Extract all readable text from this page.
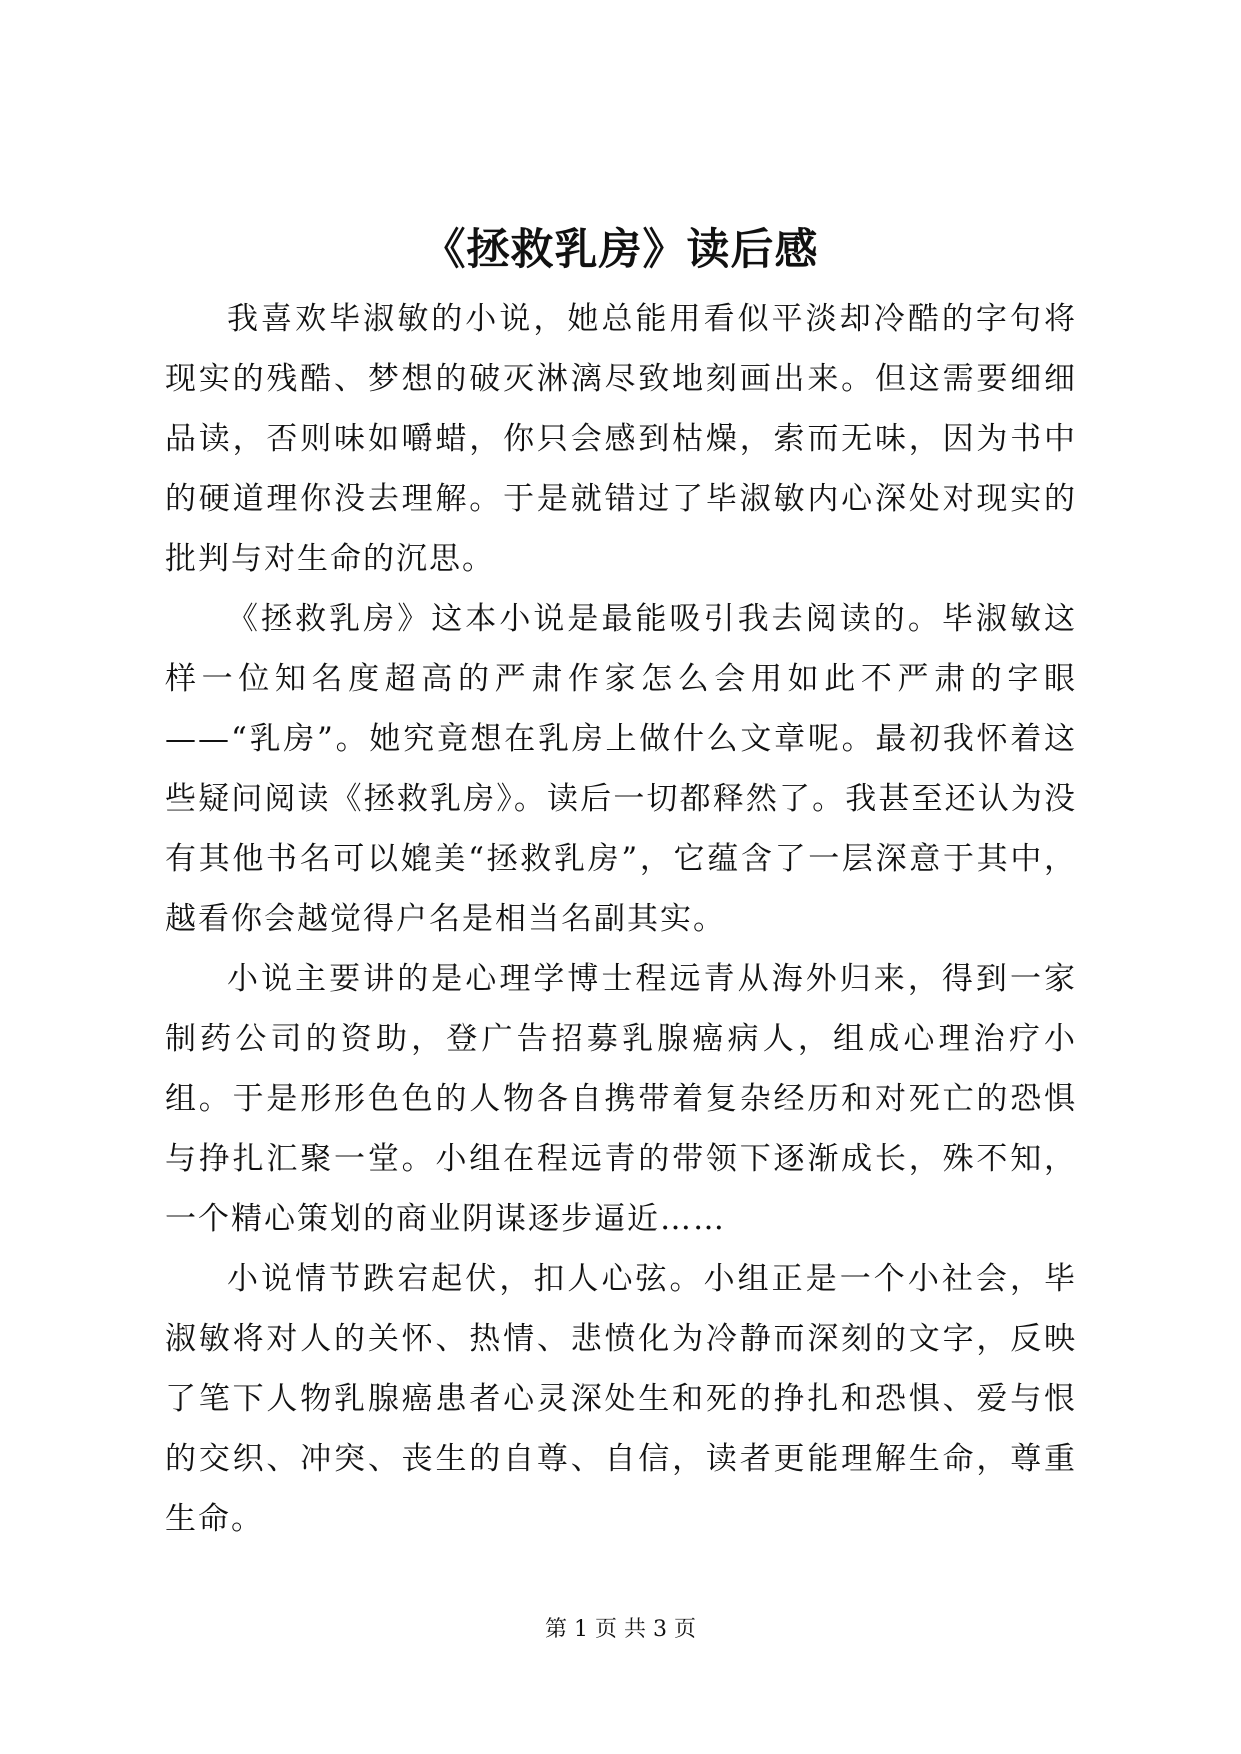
《拯救乳房》读后感

我喜欢毕淑敏的小说，她总能用看似平淡却冷酷的字句将现实的残酷、梦想的破灭淋漓尽致地刻画出来。但这需要细细品读，否则味如嚼蜡，你只会感到枯燥，索而无味，因为书中的硬道理你没去理解。于是就错过了毕淑敏内心深处对现实的批判与对生命的沉思。

《拯救乳房》这本小说是最能吸引我去阅读的。毕淑敏这样一位知名度超高的严肃作家怎么会用如此不严肃的字眼——“乳房”。她究竟想在乳房上做什么文章呢。最初我怀着这些疑问阅读《拯救乳房》。读后一切都释然了。我甚至还认为没有其他书名可以媲美“拯救乳房”，它蕴含了一层深意于其中，越看你会越觉得户名是相当名副其实。

小说主要讲的是心理学博士程远青从海外归来，得到一家制药公司的资助，登广告招募乳腺癌病人，组成心理治疗小组。于是形形色色的人物各自携带着复杂经历和对死亡的恐惧与挣扎汇聚一堂。小组在程远青的带领下逐渐成长，殊不知，一个精心策划的商业阴谋逐步逼近……

小说情节跌宕起伏，扣人心弦。小组正是一个小社会，毕淑敏将对人的关怀、热情、悲愤化为冷静而深刻的文字，反映了笔下人物乳腺癌患者心灵深处生和死的挣扎和恐惧、爱与恨的交织、冲突、丧生的自尊、自信，读者更能理解生命，尊重生命。

第 1 页 共 3 页
